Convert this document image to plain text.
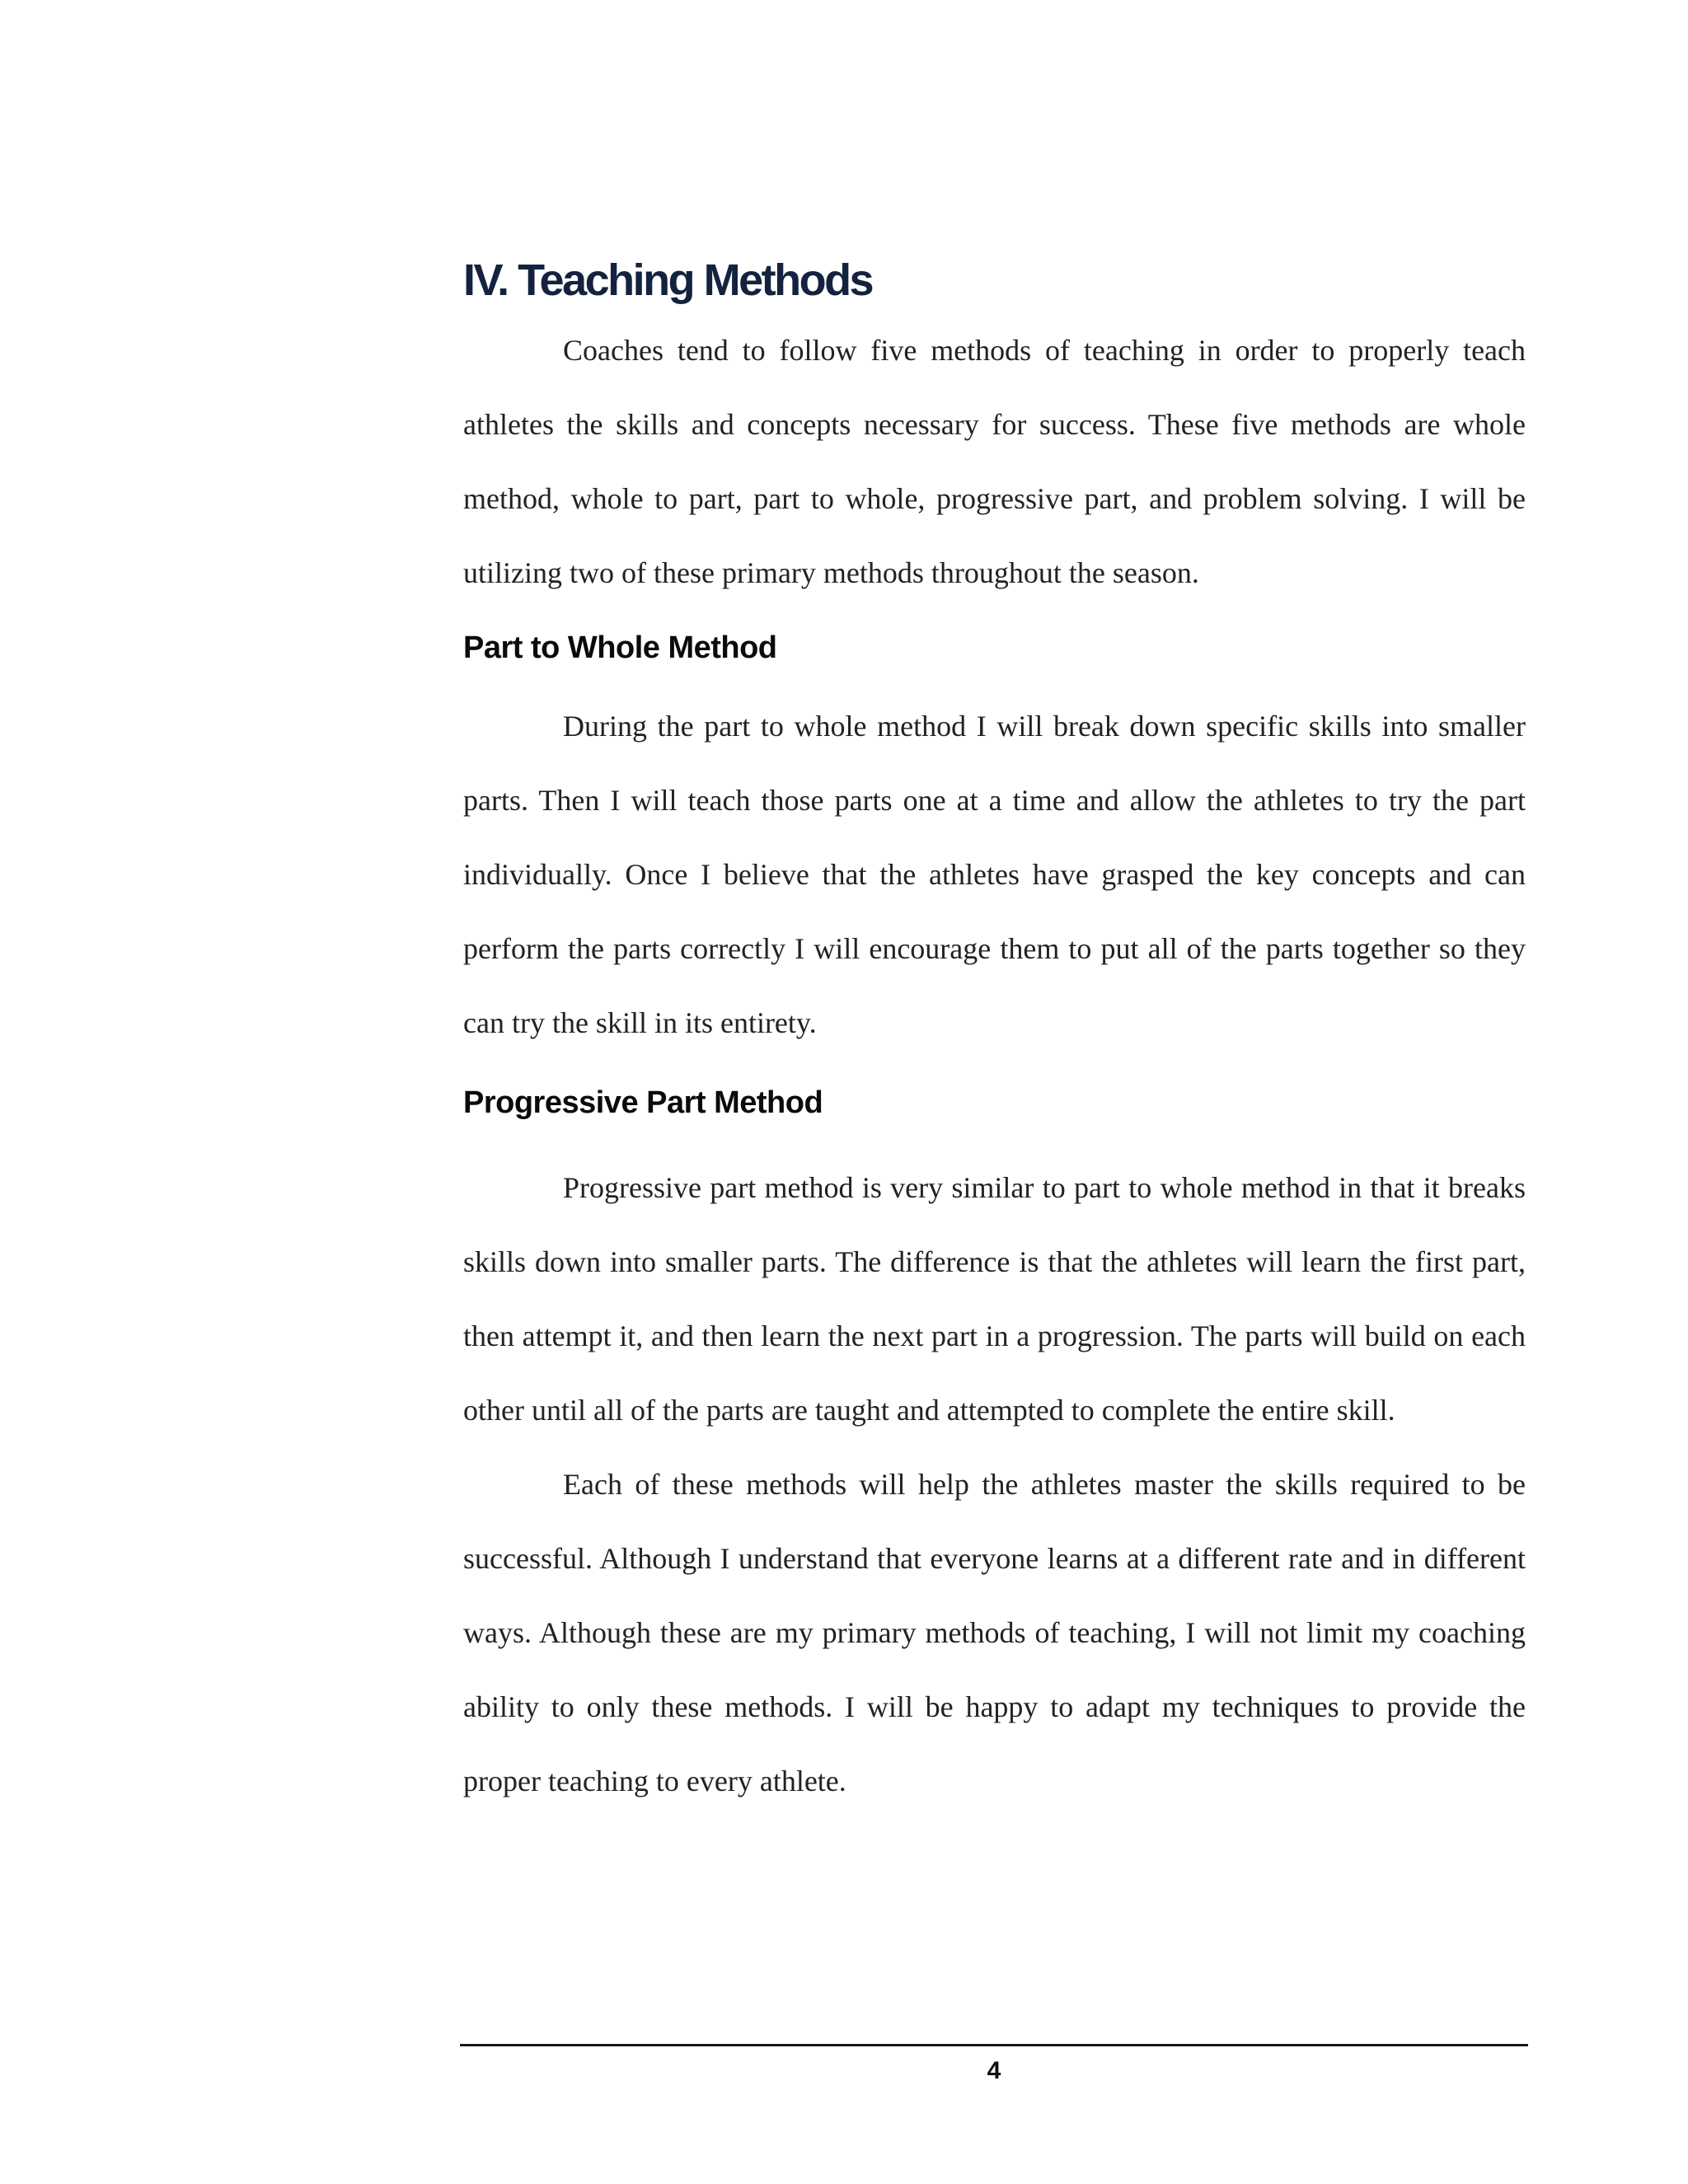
IV. Teaching Methods

Coaches tend to follow five methods of teaching in order to properly teach athletes the skills and concepts necessary for success. These five methods are whole method, whole to part, part to whole, progressive part, and problem solving. I will be utilizing two of these primary methods throughout the season.

Part to Whole Method

During the part to whole method I will break down specific skills into smaller parts. Then I will teach those parts one at a time and allow the athletes to try the part individually. Once I believe that the athletes have grasped the key concepts and can perform the parts correctly I will encourage them to put all of the parts together so they can try the skill in its entirety.

Progressive Part Method

Progressive part method is very similar to part to whole method in that it breaks skills down into smaller parts. The difference is that the athletes will learn the first part, then attempt it, and then learn the next part in a progression. The parts will build on each other until all of the parts are taught and attempted to complete the entire skill.

Each of these methods will help the athletes master the skills required to be successful. Although I understand that everyone learns at a different rate and in different ways. Although these are my primary methods of teaching, I will not limit my coaching ability to only these methods. I will be happy to adapt my techniques to provide the proper teaching to every athlete.

4
